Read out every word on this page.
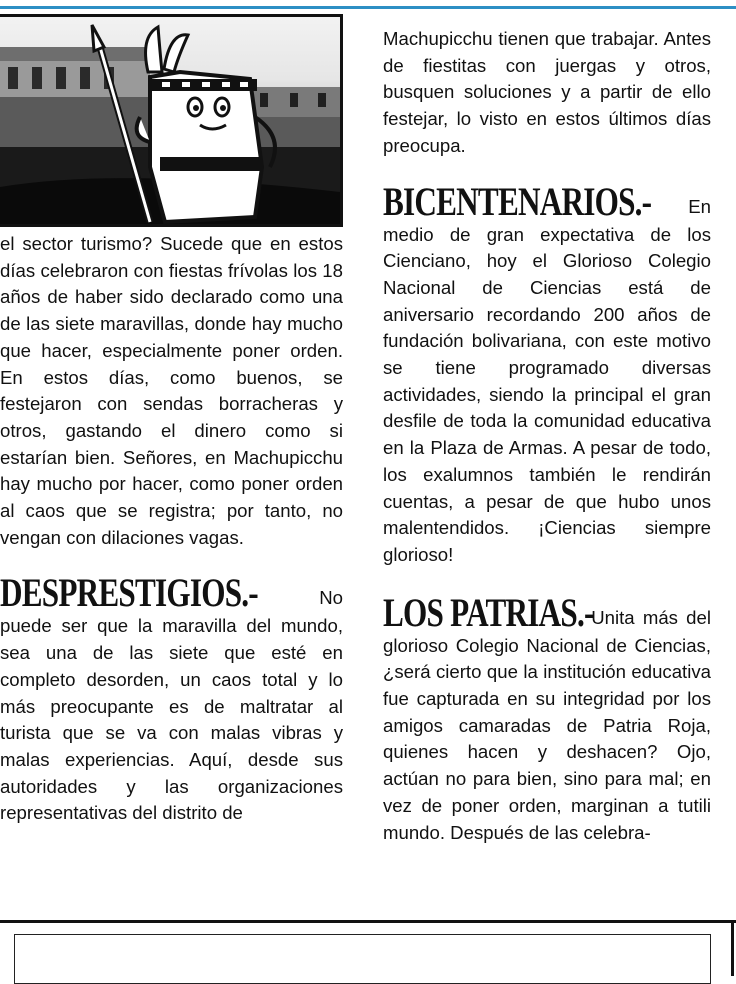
el sector turismo? Sucede que en estos días celebraron con fiestas frívolas los 18 años de haber sido declarado como una de las siete maravillas, donde hay mucho que hacer, especialmente poner orden. En estos días, como buenos, se festejaron con sendas borracheras y otros, gastando el dinero como si estarían bien. Señores, en Machupicchu hay mucho por hacer, como poner orden al caos que se registra; por tanto, no vengan con dilaciones vagas.

DESPRESTIGIOS.-	No puede ser que la maravilla del mundo, sea una de las siete que esté en completo desorden, un caos total y lo más preocupante es de maltratar al turista que se va con malas vibras y malas experiencias. Aquí, desde sus autoridades y las organizaciones representativas del distrito de

Machupicchu tienen que trabajar. Antes de fiestitas con juergas y otros, busquen soluciones y a partir de ello festejar, lo visto en estos últimos días preocupa.

BICENTENARIOS.- En medio de gran expectativa de los Cienciano, hoy el Glorioso Colegio Nacional de Ciencias está de aniversario recordando 200 años de fundación bolivariana, con este motivo se tiene programado diversas actividades, siendo la principal el gran desfile de toda la comunidad educativa en la Plaza de Armas. A pesar de todo, los exalumnos también le rendirán cuentas, a pesar de que hubo unos malentendidos. ¡Ciencias siempre glorioso!

LOS PATRIAS.- Unita más del glorioso Colegio Nacional de Ciencias, ¿será cierto que la institución educativa fue capturada en su integridad por los amigos camaradas de Patria Roja, quienes hacen y deshacen? Ojo, actúan no para bien, sino para mal; en vez de poner orden, marginan a tutili mundo. Después de las celebra-
